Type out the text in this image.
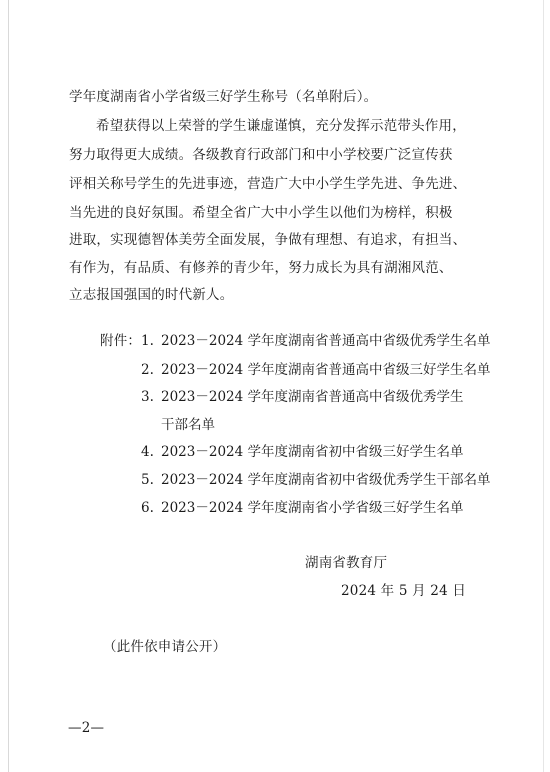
学年度湖南省小学省级三好学生称号（名单附后）。
希望获得以上荣誉的学生谦虚谨慎，充分发挥示范带头作用，
努力取得更大成绩。各级教育行政部门和中小学校要广泛宣传获
评相关称号学生的先进事迹，营造广大中小学生学先进、争先进、
当先进的良好氛围。希望全省广大中小学生以他们为榜样，积极
进取，实现德智体美劳全面发展，争做有理想、有追求，有担当、
有作为，有品质、有修养的青少年，努力成长为具有湖湘风范、
立志报国强国的时代新人。
附件： 1. 2023－2024 学年度湖南省普通高中省级优秀学生名单
2. 2023－2024 学年度湖南省普通高中省级三好学生名单
3. 2023－2024 学年度湖南省普通高中省级优秀学生
干部名单
4. 2023－2024 学年度湖南省初中省级三好学生名单
5. 2023－2024 学年度湖南省初中省级优秀学生干部名单
6. 2023－2024 学年度湖南省小学省级三好学生名单
湖南省教育厅
2024 年 5 月 24 日
（此件依申请公开）
—2—
